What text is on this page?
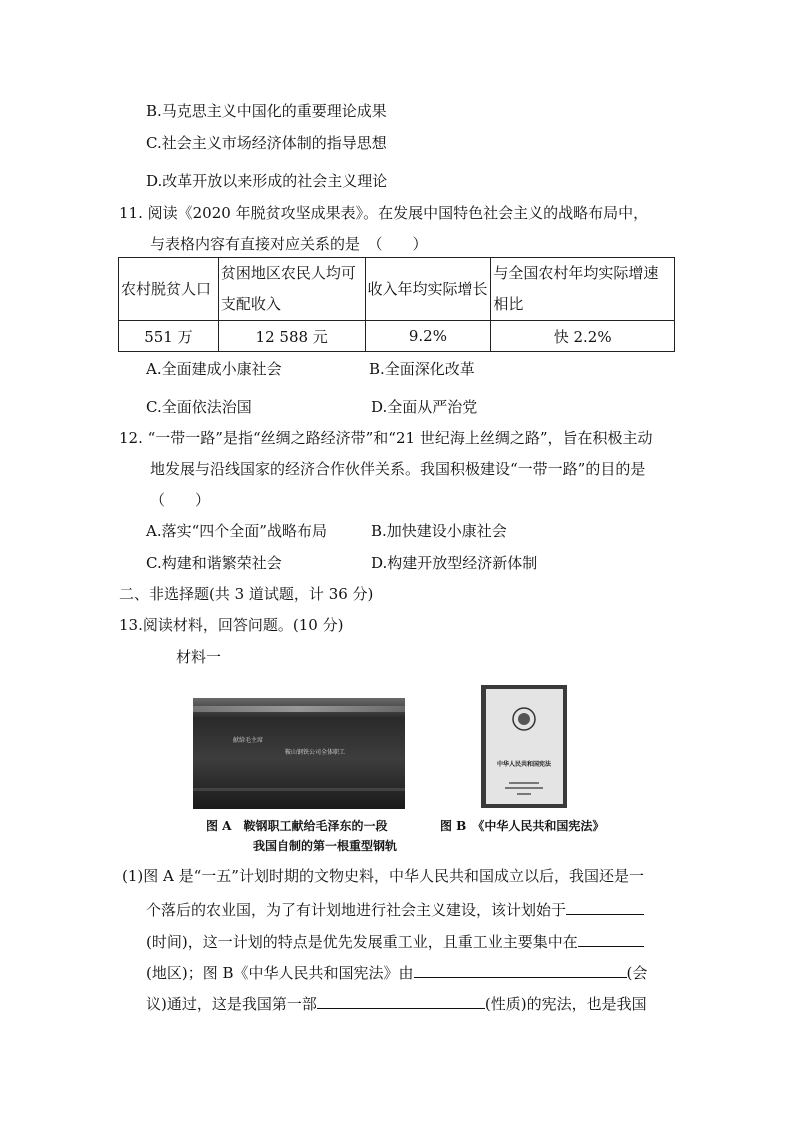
B.马克思主义中国化的重要理论成果
C.社会主义市场经济体制的指导思想
D.改革开放以来形成的社会主义理论
11. 阅读《2020 年脱贫攻坚成果表》。在发展中国特色社会主义的战略布局中，
与表格内容有直接对应关系的是　（　　）
农村脱贫人口	贫困地区农民人均可支配收入	收入年均实际增长	与全国农村年均实际增速相比
551 万	12 588 元	9.2%	快 2.2%
A.全面建成小康社会	B.全面深化改革
C.全面依法治国	D.全面从严治党
12. “一带一路”是指“丝绸之路经济带”和“21 世纪海上丝绸之路”，旨在积极主动
地发展与沿线国家的经济合作伙伴关系。我国积极建设“一带一路”的目的是
（　　）
A.落实“四个全面”战略布局	B.加快建设小康社会
C.构建和谐繁荣社会	D.构建开放型经济新体制
二、非选择题(共 3 道试题，计 36 分)
13.阅读材料，回答问题。(10 分)
材料一
献给毛主席
鞍山钢铁公司全体职工
中华人民共和国宪法
图 A　鞍钢职工献给毛泽东的一段
我国自制的第一根重型钢轨
图 B　《中华人民共和国宪法》
(1)图 A 是“一五”计划时期的文物史料，中华人民共和国成立以后，我国还是一
个落后的农业国，为了有计划地进行社会主义建设，该计划始于
(时间)，这一计划的特点是优先发展重工业，且重工业主要集中在
(地区)；图 B《中华人民共和国宪法》由	(会
议)通过，这是我国第一部	(性质)的宪法，也是我国
